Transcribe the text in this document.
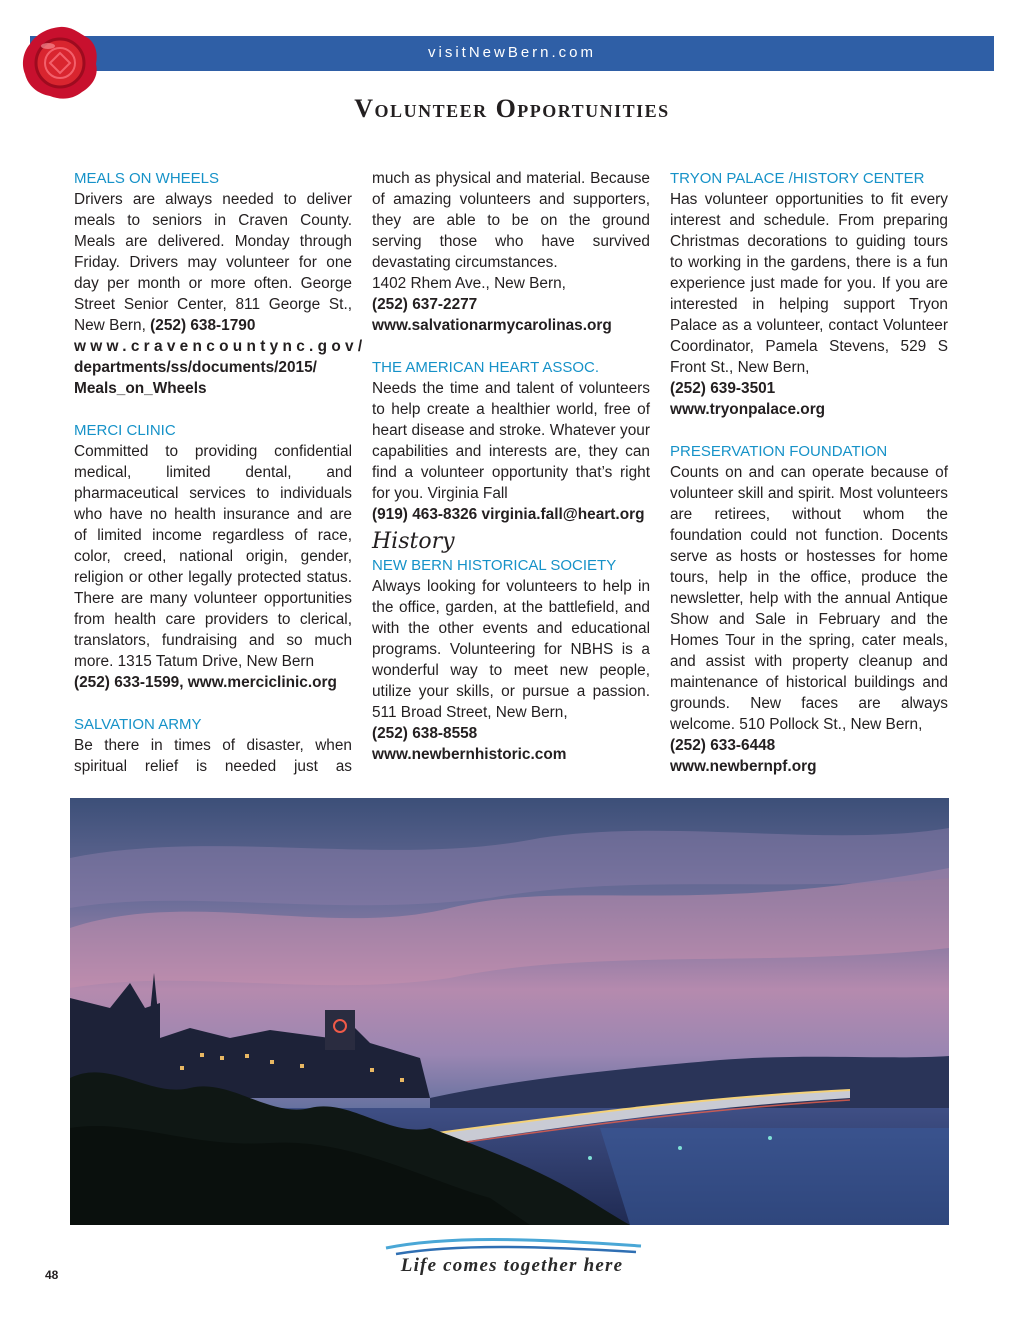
visitNewBern.com
Volunteer Opportunities

MEALS ON WHEELS

Drivers are always needed to deliver meals to seniors in Craven County. Meals are delivered. Monday through Friday. Drivers may volunteer for one day per month or more often. George Street Senior Center, 811 George St., New Bern, (252) 638-1790
www.cravencountync.gov/
departments/ss/documents/2015/ Meals_on_Wheels

MERCI CLINIC

Committed to providing confidential medical, limited dental, and pharmaceutical services to individuals who have no health insurance and are of limited income regardless of race, color, creed, national origin, gender, religion or other legally protected status. There are many volunteer opportunities from health care providers to clerical, translators, fundraising and so much more. 1315 Tatum Drive, New Bern
(252) 633-1599, www.merciclinic.org

SALVATION ARMY

Be there in times of disaster, when spiritual relief is needed just as

much as physical and material. Because of amazing volunteers and supporters, they are able to be on the ground serving those who have survived devastating circumstances.
1402 Rhem Ave., New Bern,
(252) 637-2277
www.salvationarmycarolinas.org

THE AMERICAN HEART ASSOC.

Needs the time and talent of volunteers to help create a healthier world, free of heart disease and stroke. Whatever your capabilities and interests are, they can find a volunteer opportunity that’s right for you. Virginia Fall
(919) 463-8326 virginia.fall@heart.org

History

NEW BERN HISTORICAL SOCIETY

Always looking for volunteers to help in the office, garden, at the battlefield, and with the other events and educational programs. Volunteering for NBHS is a wonderful way to meet new people, utilize your skills, or pursue a passion. 511 Broad Street, New Bern,
(252) 638-8558
www.newbernhistoric.com

TRYON PALACE /HISTORY CENTER

Has volunteer opportunities to fit every interest and schedule. From preparing Christmas decorations to guiding tours to working in the gardens, there is a fun experience just made for you. If you are interested in helping support Tryon Palace as a volunteer, contact Volunteer Coordinator, Pamela Stevens, 529 S Front St., New Bern,
(252) 639-3501
www.tryonpalace.org

PRESERVATION FOUNDATION

Counts on and can operate because of volunteer skill and spirit. Most volunteers are retirees, without whom the foundation could not function. Docents serve as hosts or hostesses for home tours, help in the office, produce the newsletter, help with the annual Antique Show and Sale in February and the Homes Tour in the spring, cater meals, and assist with property cleanup and maintenance of historical buildings and grounds. New faces are always welcome. 510 Pollock St., New Bern,
(252) 633-6448
www.newbernpf.org

Life comes together here
48
